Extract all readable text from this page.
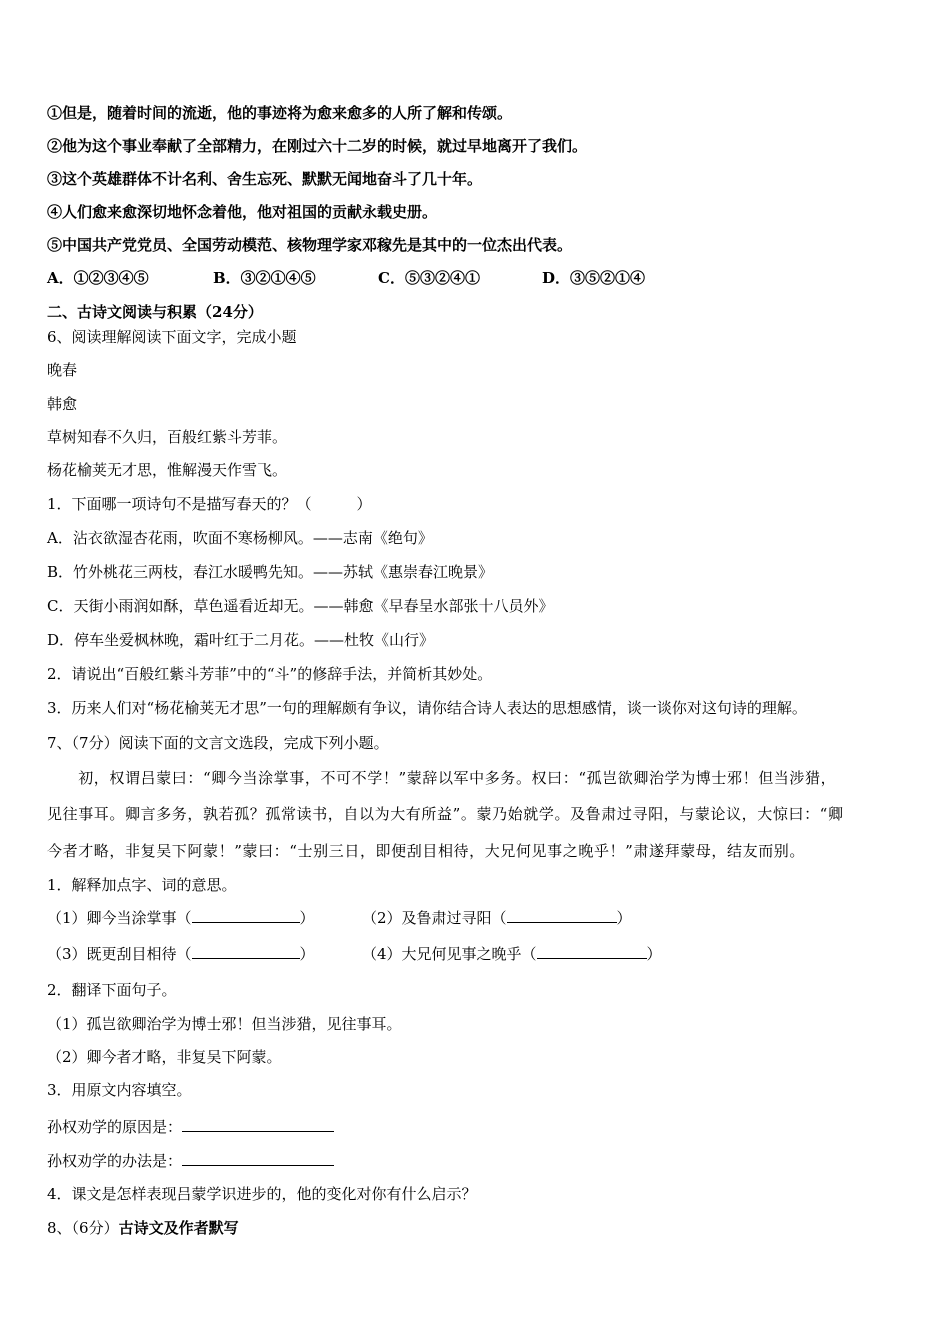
①但是，随着时间的流逝，他的事迹将为愈来愈多的人所了解和传颂。
②他为这个事业奉献了全部精力，在刚过六十二岁的时候，就过早地离开了我们。
③这个英雄群体不计名利、舍生忘死、默默无闻地奋斗了几十年。
④人们愈来愈深切地怀念着他，他对祖国的贡献永载史册。
⑤中国共产党党员、全国劳动模范、核物理学家邓稼先是其中的一位杰出代表。
A．①②③④⑤	B．③②①④⑤	C．⑤③②④①	D．③⑤②①④
二、古诗文阅读与积累（24分）
6、阅读理解阅读下面文字，完成小题
晚春
韩愈
草树知春不久归，百般红紫斗芳菲。
杨花榆荚无才思，惟解漫天作雪飞。
1．下面哪一项诗句不是描写春天的？（　　　）
A．沾衣欲湿杏花雨，吹面不寒杨柳风。——志南《绝句》
B．竹外桃花三两枝，春江水暖鸭先知。——苏轼《惠崇春江晚景》
C．天街小雨润如酥，草色遥看近却无。——韩愈《早春呈水部张十八员外》
D．停车坐爱枫林晚，霜叶红于二月花。——杜牧《山行》
2．请说出“百般红紫斗芳菲”中的“斗”的修辞手法，并简析其妙处。
3．历来人们对“杨花榆荚无才思”一句的理解颇有争议，请你结合诗人表达的思想感情，谈一谈你对这句诗的理解。
7、（7分）阅读下面的文言文选段，完成下列小题。
　　初，权谓吕蒙曰：“卿今当涂掌事，不可不学！”蒙辞以军中多务。权曰：“孤岂欲卿治学为博士邪！但当涉猎，
见往事耳。卿言多务，孰若孤？孤常读书，自以为大有所益”。蒙乃始就学。及鲁肃过寻阳，与蒙论议，大惊曰：“卿
今者才略，非复吴下阿蒙！”蒙曰：“士别三日，即便刮目相待，大兄何见事之晚乎！”肃遂拜蒙母，结友而别。
1．解释加点字、词的意思。
（1）卿今当涂掌事（	）	（2）及鲁肃过寻阳（	）
（3）既更刮目相待（	）	（4）大兄何见事之晚乎（	）
2．翻译下面句子。
（1）孤岂欲卿治学为博士邪！但当涉猎，见往事耳。
（2）卿今者才略，非复吴下阿蒙。
3．用原文内容填空。
孙权劝学的原因是：
孙权劝学的办法是：
4．课文是怎样表现吕蒙学识进步的，他的变化对你有什么启示？
8、（6分）古诗文及作者默写
